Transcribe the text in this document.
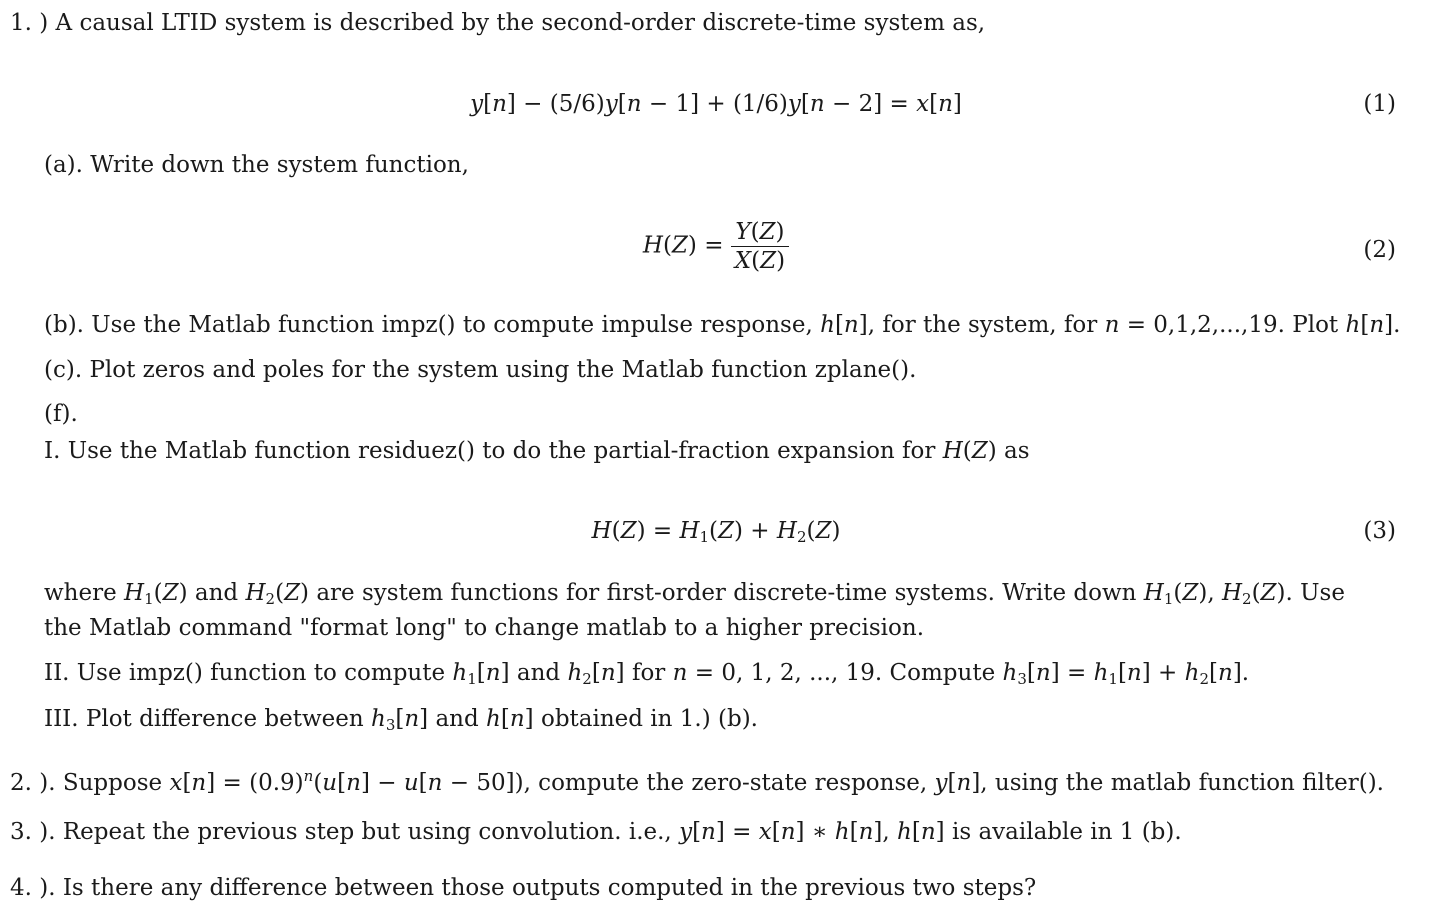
1. ) A causal LTID system is described by the second-order discrete-time system as,
y[n] − (5/6)y[n − 1] + (1/6)y[n − 2] = x[n]	(1)
(a). Write down the system function,
$H(Z) = \frac{Y(Z)}{X(Z)}$	(2)
(b). Use the Matlab function impz() to compute impulse response, h[n], for the system, for n = 0,1,2,...,19. Plot h[n].
(c). Plot zeros and poles for the system using the Matlab function zplane().
(f).
I. Use the Matlab function residuez() to do the partial-fraction expansion for H(Z) as
$H(Z) = H_1(Z) + H_2(Z)$	(3)
where $H_1(Z)$ and $H_2(Z)$ are system functions for first-order discrete-time systems. Write down $H_1(Z)$, $H_2(Z)$. Use
the Matlab command "format long" to change matlab to a higher precision.
II. Use impz() function to compute $h_1[n]$ and $h_2[n]$ for n = 0, 1, 2, ..., 19. Compute $h_3[n] = h_1[n] + h_2[n]$.
III. Plot difference between $h_3[n]$ and h[n] obtained in 1.) (b).
2. ). Suppose $x[n] = (0.9)^n(u[n] - u[n - 50])$, compute the zero-state response, y[n], using the matlab function filter().
3. ). Repeat the previous step but using convolution. i.e., y[n] = x[n] ∗ h[n], h[n] is available in 1 (b).
4. ). Is there any difference between those outputs computed in the previous two steps?
